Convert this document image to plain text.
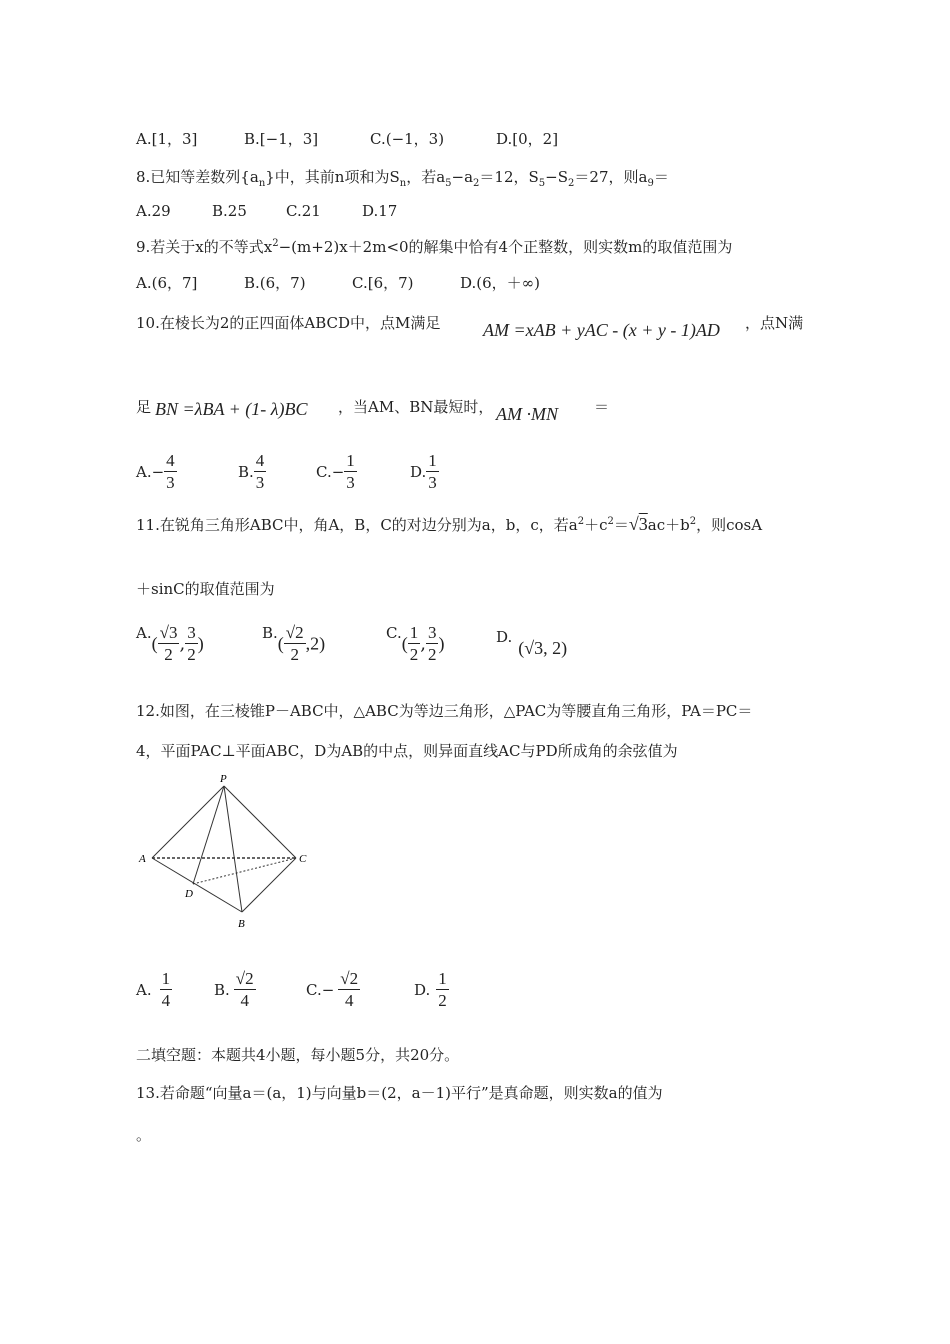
A.[1，3]	B.[−1，3]	C.(−1，3)	D.[0，2]
8.已知等差数列$\{a_n\}$中，其前n项和为$S_n$，若$a_5-a_2=12$，$S_5-S_2=27$，则$a_9=$
A.29	B.25	C.21	D.17
9.若关于x的不等式$x^2-(m+2)x+2m<0$的解集中恰有4个正整数，则实数m的取值范围为
A.(6，7]	B.(6，7)	C.[6，7)	D.(6，＋∞)
10.在棱长为2的正四面体ABCD中，点M满足 AM =xAB + yAC - (x + y - 1)AD ，点N满
足 BN =λBA + (1- λ)BC ，当AM、BN最短时， AM ·MN ＝
$A.- \frac{4}{3}$	B. $\frac{4}{3}$	$C.- \frac{1}{3}$	D. $\frac{1}{3}$
11.在锐角三角形ABC中，角A，B，C的对边分别为a，b，c，若$a^2+c^2=√3ac+b^2$，则cosA
＋sinC的取值范围为
$A.( \frac{√3}{2}$ , $\frac{3}{2}$ )
$B.( \frac{√2}{2} ,2)$
$C.( \frac{1}{2}$ , $\frac{3}{2}$ )	D.(√3, 2)
12.如图，在三棱锥P－ABC中，△ABC为等边三角形，△PAC为等腰直角三角形，PA＝PC＝
4，平面PAC⊥平面ABC，D为AB的中点，则异面直线AC与PD所成角的余弦值为
P
A	C
D
B
A. $\frac{1}{4}$	B. $\frac{√2}{4}$	$C.- \frac{√2}{4}$	D. $\frac{1}{2}$
二填空题：本题共4小题，每小题5分，共20分。
13.若命题“向量a＝(a，1)与向量b＝(2，a－1)平行”是真命题，则实数a的值为
。
